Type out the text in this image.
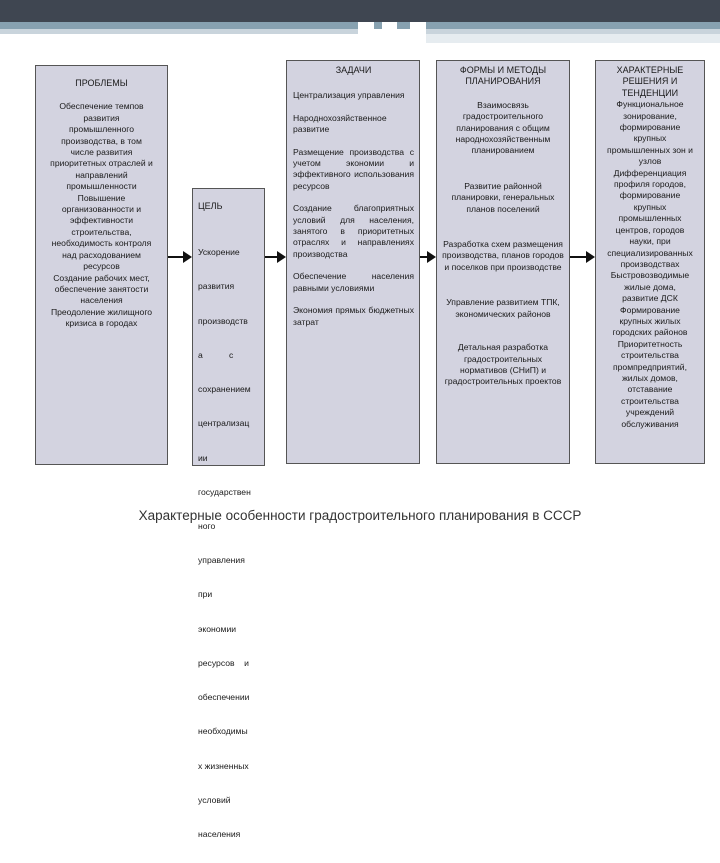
ПРОБЛЕМЫ
Обеспечение темпов
развития
промышленного
производства, в том
числе развития
приоритетных отраслей и
направлений
промышленности
Повышение
организованности и
эффективности
строительства,
необходимость контроля
над расходованием
ресурсов
Создание рабочих мест,
обеспечение занятости
населения
Преодоление жилищного
кризиса в городах
ЦЕЛЬ

Ускорение

развития

производств

а           с

сохранением

централизац

ии

государствен

ного

управления

при

экономии

ресурсов    и

обеспечении

необходимы

х жизненных

условий

населения

ЗАДАЧИ

Централизация управления

Народнохозяйственное развитие

Размещение производства с учетом экономии и эффективного использования ресурсов

Создание благоприятных условий для населения, занятого в приоритетных отраслях и направлениях производства

Обеспечение населения равными условиями

Экономия прямых бюджетных затрат

ФОРМЫ И МЕТОДЫ ПЛАНИРОВАНИЯ

Взаимосвязь градостроительного планирования с общим народнохозяйственным планированием

Развитие районной планировки, генеральных планов поселений

Разработка схем размещения производства, планов городов и поселков при производстве

Управление развитием ТПК, экономических районов

Детальная разработка градостроительных нормативов (СНиП) и градостроительных проектов

ХАРАКТЕРНЫЕ РЕШЕНИЯ И ТЕНДЕНЦИИ
Функциональное
зонирование,
формирование
крупных
промышленных зон и
узлов
Дифференциация
профиля городов,
формирование
крупных
промышленных
центров, городов
науки, при
специализированных
производствах
Быстровозводимые
жилые дома,
развитие ДСК
Формирование
крупных жилых
городских районов
Приоритетность
строительства
промпредприятий,
жилых домов,
отставание
строительства
учреждений
обслуживания
Характерные особенности градостроительного планирования в СССР
